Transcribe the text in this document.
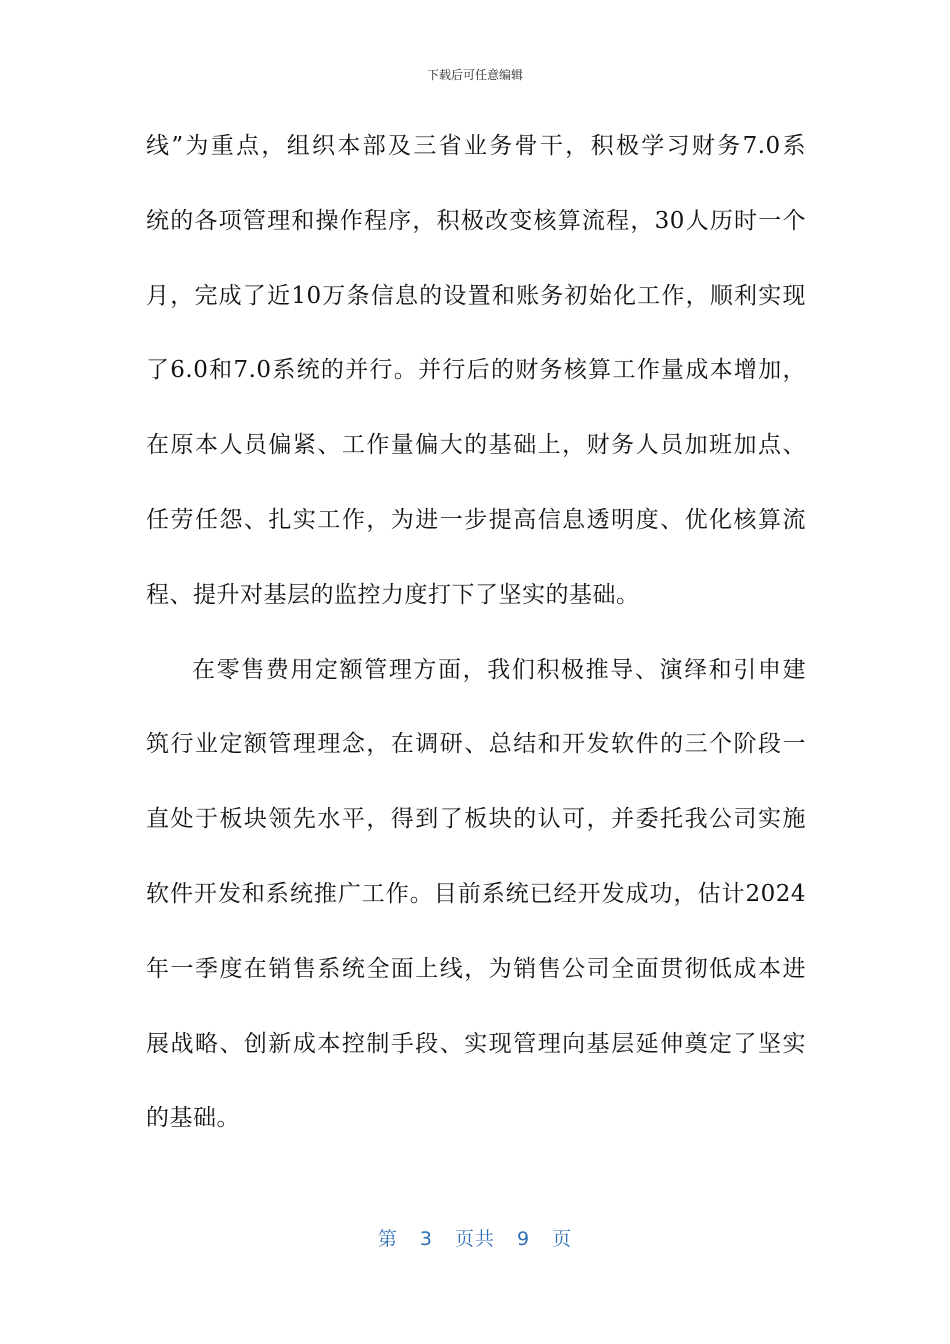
下载后可任意编辑
线”为重点，组织本部及三省业务骨干，积极学习财务7.0系
统的各项管理和操作程序，积极改变核算流程，30人历时一个
月，完成了近10万条信息的设置和账务初始化工作，顺利实现
了6.0和7.0系统的并行。并行后的财务核算工作量成本增加，
在原本人员偏紧、工作量偏大的基础上，财务人员加班加点、
任劳任怨、扎实工作，为进一步提高信息透明度、优化核算流
程、提升对基层的监控力度打下了坚实的基础。
在零售费用定额管理方面，我们积极推导、演绎和引申建
筑行业定额管理理念，在调研、总结和开发软件的三个阶段一
直处于板块领先水平，得到了板块的认可，并委托我公司实施
软件开发和系统推广工作。目前系统已经开发成功，估计2024
年一季度在销售系统全面上线，为销售公司全面贯彻低成本进
展战略、创新成本控制手段、实现管理向基层延伸奠定了坚实
的基础。
第 3 页共 9 页
